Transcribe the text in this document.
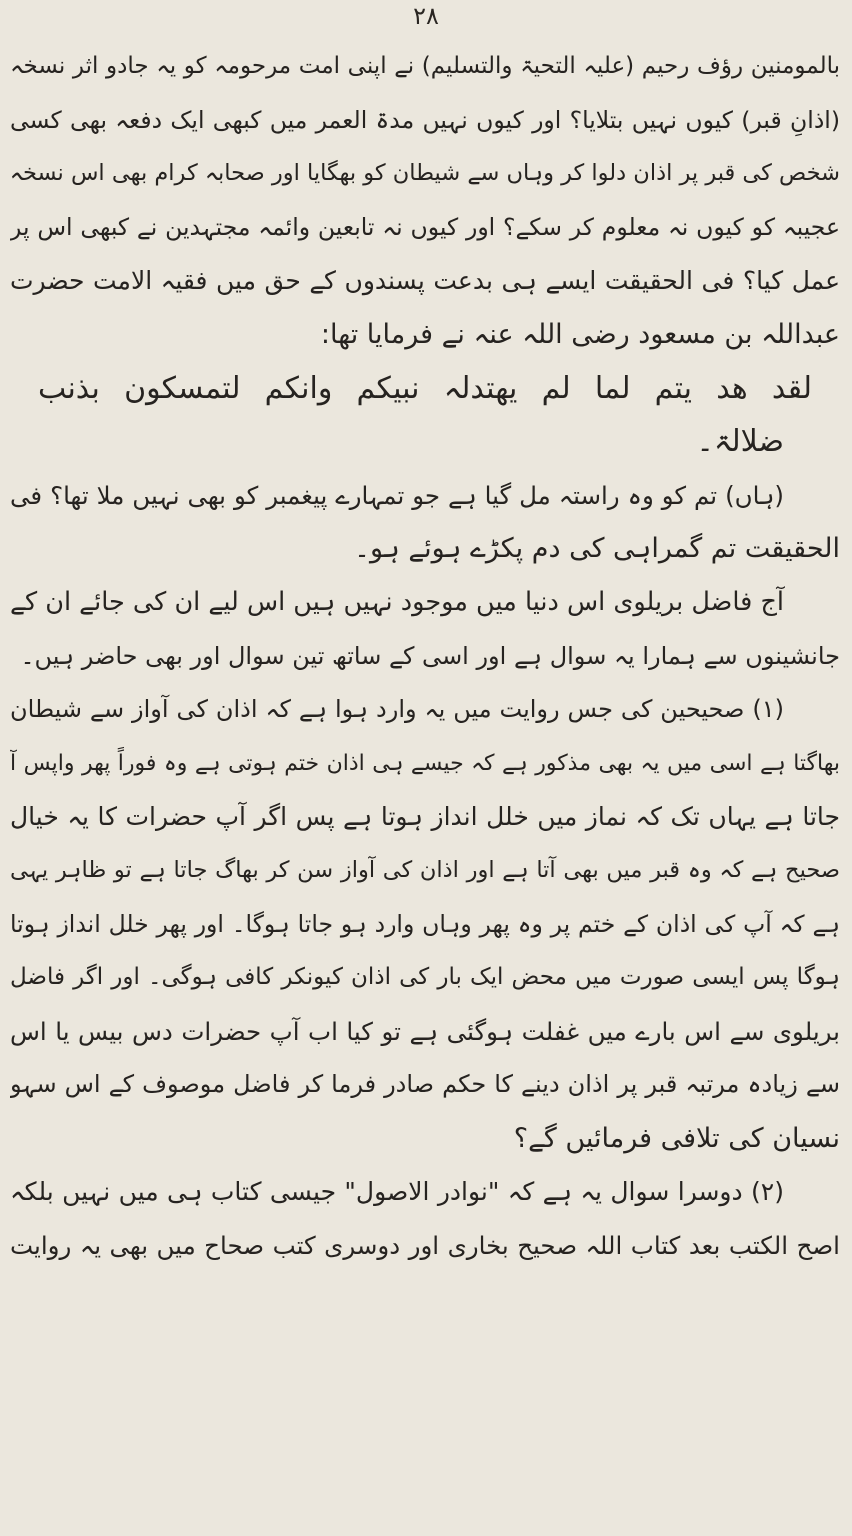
۲۸
بالمومنین رؤف رحیم (علیہ التحیۃ والتسلیم) نے اپنی امت مرحومہ کو یہ جادو اثر نسخہ
(اذانِ قبر) کیوں نہیں بتلایا؟ اور کیوں نہیں مدۃ العمر میں کبھی ایک دفعہ بھی کسی
شخص کی قبر پر اذان دلوا کر وہاں سے شیطان کو بھگایا اور صحابہ کرام بھی اس نسخہ
عجیبہ کو کیوں نہ معلوم کر سکے؟ اور کیوں نہ تابعین وائمہ مجتہدین نے کبھی اس پر
عمل کیا؟ فی الحقیقت ایسے ہی بدعت پسندوں کے حق میں فقیہ الامت حضرت
عبداللہ بن مسعود رضی اللہ عنہ نے فرمایا تھا:
لقد ھد یتم لما لم یھتدلہ نبیکم وانکم لتمسکون بذنب
ضلالۃ۔
(ہاں) تم کو وہ راستہ مل گیا ہے جو تمہارے پیغمبر کو بھی نہیں ملا تھا؟ فی
الحقیقت تم گمراہی کی دم پکڑے ہوئے ہو۔
آج فاضل بریلوی اس دنیا میں موجود نہیں ہیں اس لیے ان کی جائے ان کے
جانشینوں سے ہمارا یہ سوال ہے اور اسی کے ساتھ تین سوال اور بھی حاضر ہیں۔
(۱) صحیحین کی جس روایت میں یہ وارد ہوا ہے کہ اذان کی آواز سے شیطان
بھاگتا ہے اسی میں یہ بھی مذکور ہے کہ جیسے ہی اذان ختم ہوتی ہے وہ فوراً پھر واپس آ
جاتا ہے یہاں تک کہ نماز میں خلل انداز ہوتا ہے پس اگر آپ حضرات کا یہ خیال
صحیح ہے کہ وہ قبر میں بھی آتا ہے اور اذان کی آواز سن کر بھاگ جاتا ہے تو ظاہر یہی
ہے کہ آپ کی اذان کے ختم پر وہ پھر وہاں وارد ہو جاتا ہوگا۔ اور پھر خلل انداز ہوتا
ہوگا پس ایسی صورت میں محض ایک بار کی اذان کیونکر کافی ہوگی۔ اور اگر فاضل
بریلوی سے اس بارے میں غفلت ہوگئی ہے تو کیا اب آپ حضرات دس بیس یا اس
سے زیادہ مرتبہ قبر پر اذان دینے کا حکم صادر فرما کر فاضل موصوف کے اس سہو
نسیان کی تلافی فرمائیں گے؟
(۲) دوسرا سوال یہ ہے کہ "نوادر الاصول" جیسی کتاب ہی میں نہیں بلکہ
اصح الکتب بعد کتاب اللہ صحیح بخاری اور دوسری کتب صحاح میں بھی یہ روایت
